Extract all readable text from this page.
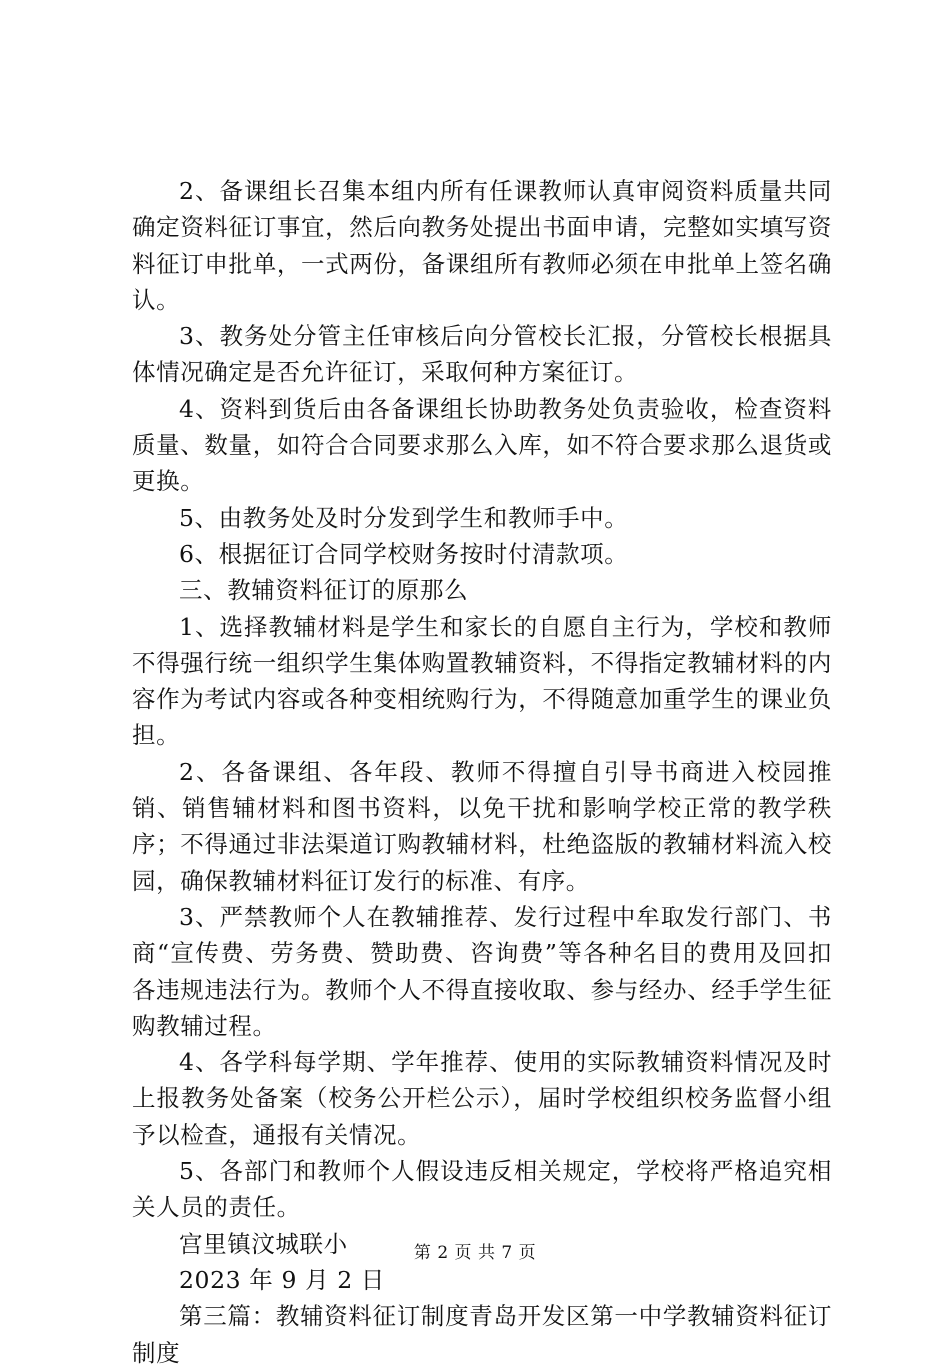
2、备课组长召集本组内所有任课教师认真审阅资料质量共同确定资料征订事宜，然后向教务处提出书面申请，完整如实填写资料征订申批单，一式两份，备课组所有教师必须在申批单上签名确认。

3、教务处分管主任审核后向分管校长汇报，分管校长根据具体情况确定是否允许征订，采取何种方案征订。

4、资料到货后由各备课组长协助教务处负责验收，检查资料质量、数量，如符合合同要求那么入库，如不符合要求那么退货或更换。

5、由教务处及时分发到学生和教师手中。

6、根据征订合同学校财务按时付清款项。

三、教辅资料征订的原那么

1、选择教辅材料是学生和家长的自愿自主行为，学校和教师不得强行统一组织学生集体购置教辅资料，不得指定教辅材料的内容作为考试内容或各种变相统购行为，不得随意加重学生的课业负担。

2、各备课组、各年段、教师不得擅自引导书商进入校园推销、销售辅材料和图书资料，以免干扰和影响学校正常的教学秩序；不得通过非法渠道订购教辅材料，杜绝盗版的教辅材料流入校园，确保教辅材料征订发行的标准、有序。

3、严禁教师个人在教辅推荐、发行过程中牟取发行部门、书商“宣传费、劳务费、赞助费、咨询费”等各种名目的费用及回扣各违规违法行为。教师个人不得直接收取、参与经办、经手学生征购教辅过程。

4、各学科每学期、学年推荐、使用的实际教辅资料情况及时上报教务处备案（校务公开栏公示），届时学校组织校务监督小组予以检查，通报有关情况。

5、各部门和教师个人假设违反相关规定，学校将严格追究相关人员的责任。

宫里镇汶城联小

2023 年 9 月 2 日

第三篇：教辅资料征订制度青岛开发区第一中学教辅资料征订制度

第 2 页 共 7 页
